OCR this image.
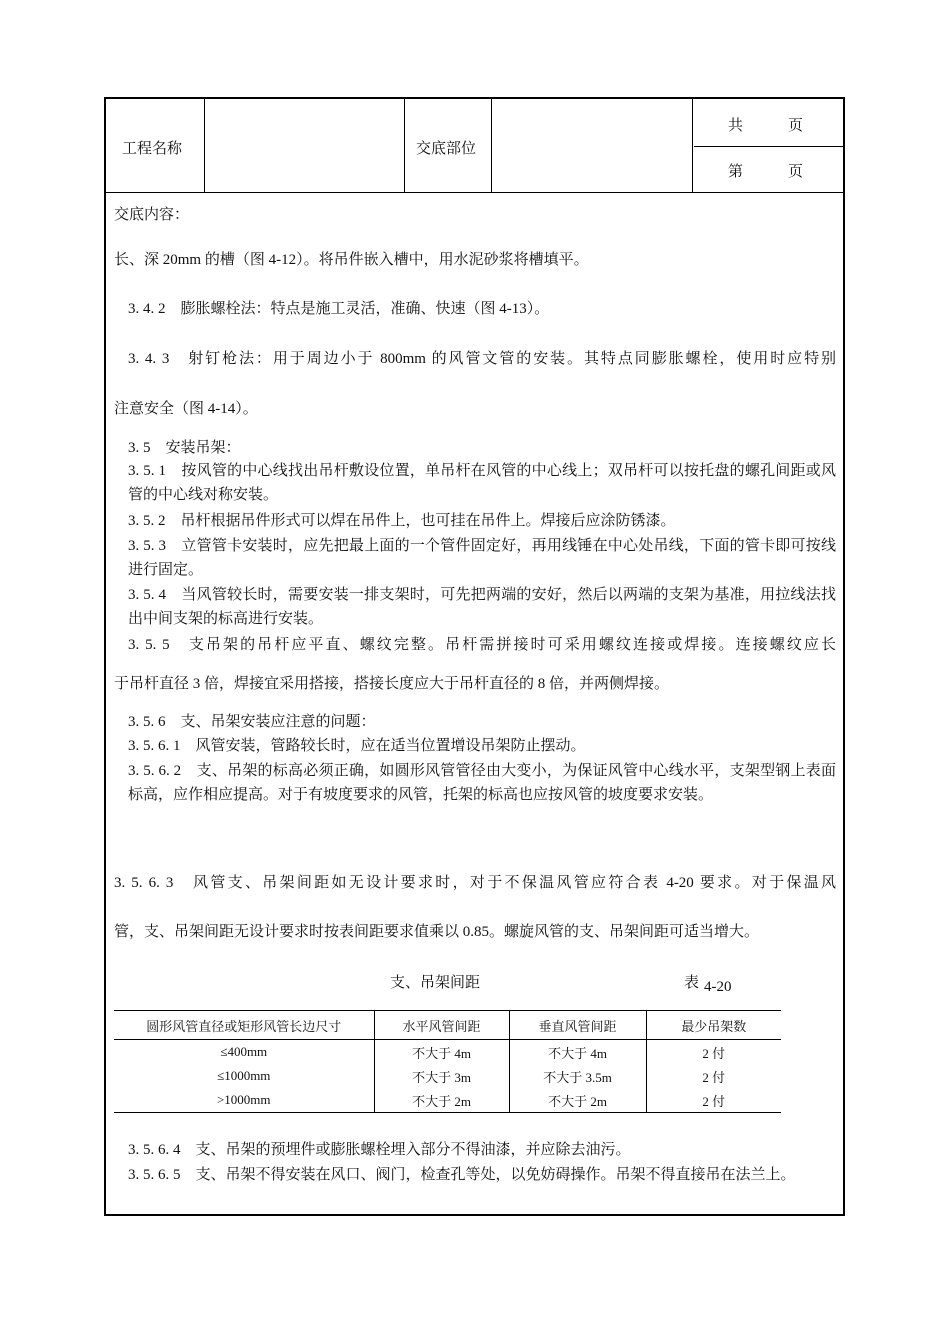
工程名称	交底部位
共　　　页
第　　　页
交底内容：
长、深 20mm 的槽（图 4-12）。将吊件嵌入槽中，用水泥砂浆将槽填平。
3. 4. 2　膨胀螺栓法：特点是施工灵活，准确、快速（图 4-13）。
3. 4. 3　射钉枪法：用于周边小于 800mm 的风管文管的安装。其特点同膨胀螺栓，使用时应特别
注意安全（图 4-14）。
3. 5　安装吊架：
3. 5. 1　按风管的中心线找出吊杆敷设位置，单吊杆在风管的中心线上；双吊杆可以按托盘的螺孔间距或风管的中心线对称安装。
3. 5. 2　吊杆根据吊件形式可以焊在吊件上，也可挂在吊件上。焊接后应涂防锈漆。
3. 5. 3　立管管卡安装时，应先把最上面的一个管件固定好，再用线锤在中心处吊线，下面的管卡即可按线进行固定。
3. 5. 4　当风管较长时，需要安装一排支架时，可先把两端的安好，然后以两端的支架为基准，用拉线法找出中间支架的标高进行安装。
3. 5. 5　支吊架的吊杆应平直、螺纹完整。吊杆需拼接时可采用螺纹连接或焊接。连接螺纹应长
于吊杆直径 3 倍，焊接宜采用搭接，搭接长度应大于吊杆直径的 8 倍，并两侧焊接。
3. 5. 6　支、吊架安装应注意的问题：
3. 5. 6. 1　风管安装，管路较长时，应在适当位置增设吊架防止摆动。
3. 5. 6. 2　支、吊架的标高必须正确，如圆形风管管径由大变小，为保证风管中心线水平，支架型钢上表面标高，应作相应提高。对于有坡度要求的风管，托架的标高也应按风管的坡度要求安装。
3. 5. 6. 3　风管支、吊架间距如无设计要求时，对于不保温风管应符合表 4-20 要求。对于保温风
管，支、吊架间距无设计要求时按表间距要求值乘以 0.85。螺旋风管的支、吊架间距可适当增大。
3. 5. 6. 4　支、吊架的预埋件或膨胀螺栓埋入部分不得油漆，并应除去油污。
3. 5. 6. 5　支、吊架不得安装在风口、阀门，检查孔等处，以免妨碍操作。吊架不得直接吊在法兰上。
支、吊架间距	表 4-20
圆形风管直径或矩形风管长边尺寸	水平风管间距	垂直风管间距	最少吊架数
≤400mm	不大于 4m	不大于 4m	2 付
≤1000mm	不大于 3m	不大于 3.5m	2 付
>1000mm	不大于 2m	不大于 2m	2 付
